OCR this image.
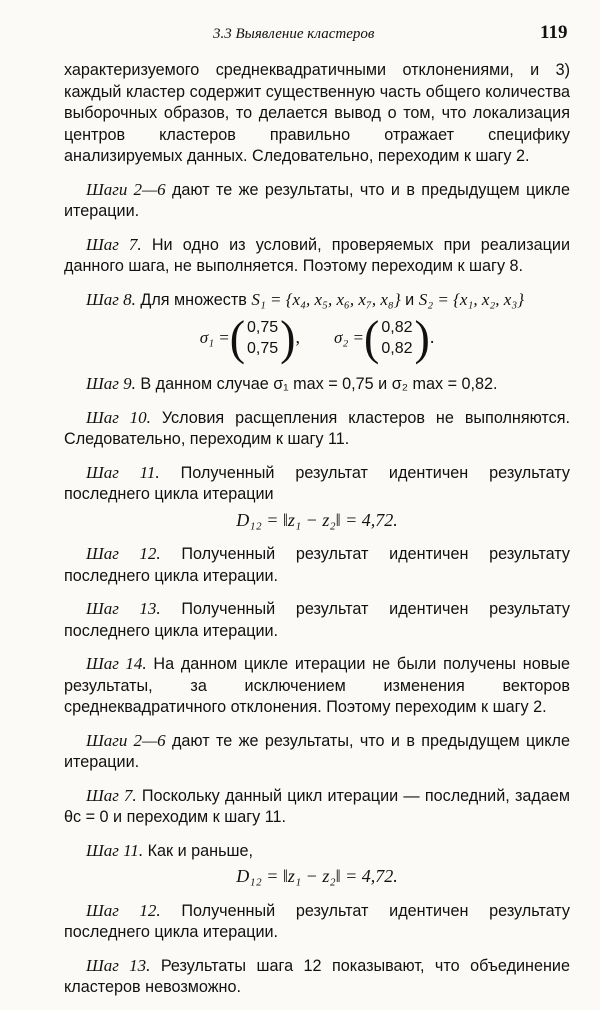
3.3 Выявление кластеров	119

характеризуемого среднеквадратичными отклонениями, и 3) каждый кластер содержит существенную часть общего количества выборочных образов, то делается вывод о том, что локализация центров кластеров правильно отражает специфику анализируемых данных. Следовательно, переходим к шагу 2.

Шаги 2—6 дают те же результаты, что и в предыдущем цикле итерации.

Шаг 7. Ни одно из условий, проверяемых при реализации данного шага, не выполняется. Поэтому переходим к шагу 8.

Шаг 8. Для множеств S₁ = {x₄, x₅, x₆, x₇, x₈} и S₂ = {x₁, x₂, x₃}

σ₁ = ( 0,75
0,75 ) , σ₂ = ( 0,82
0,82 ) .

Шаг 9. В данном случае σ₁ max = 0,75 и σ₂ max = 0,82.

Шаг 10. Условия расщепления кластеров не выполняются. Следовательно, переходим к шагу 11.

Шаг 11. Полученный результат идентичен результату последнего цикла итерации

D₁₂ = ‖z₁ − z₂‖ = 4,72.

Шаг 12. Полученный результат идентичен результату последнего цикла итерации.

Шаг 13. Полученный результат идентичен результату последнего цикла итерации.

Шаг 14. На данном цикле итерации не были получены новые результаты, за исключением изменения векторов среднеквадратичного отклонения. Поэтому переходим к шагу 2.

Шаги 2—6 дают те же результаты, что и в предыдущем цикле итерации.

Шаг 7. Поскольку данный цикл итерации — последний, задаем θc = 0 и переходим к шагу 11.

Шаг 11. Как и раньше,

D₁₂ = ‖z₁ − z₂‖ = 4,72.

Шаг 12. Полученный результат идентичен результату последнего цикла итерации.

Шаг 13. Результаты шага 12 показывают, что объединение кластеров невозможно.
